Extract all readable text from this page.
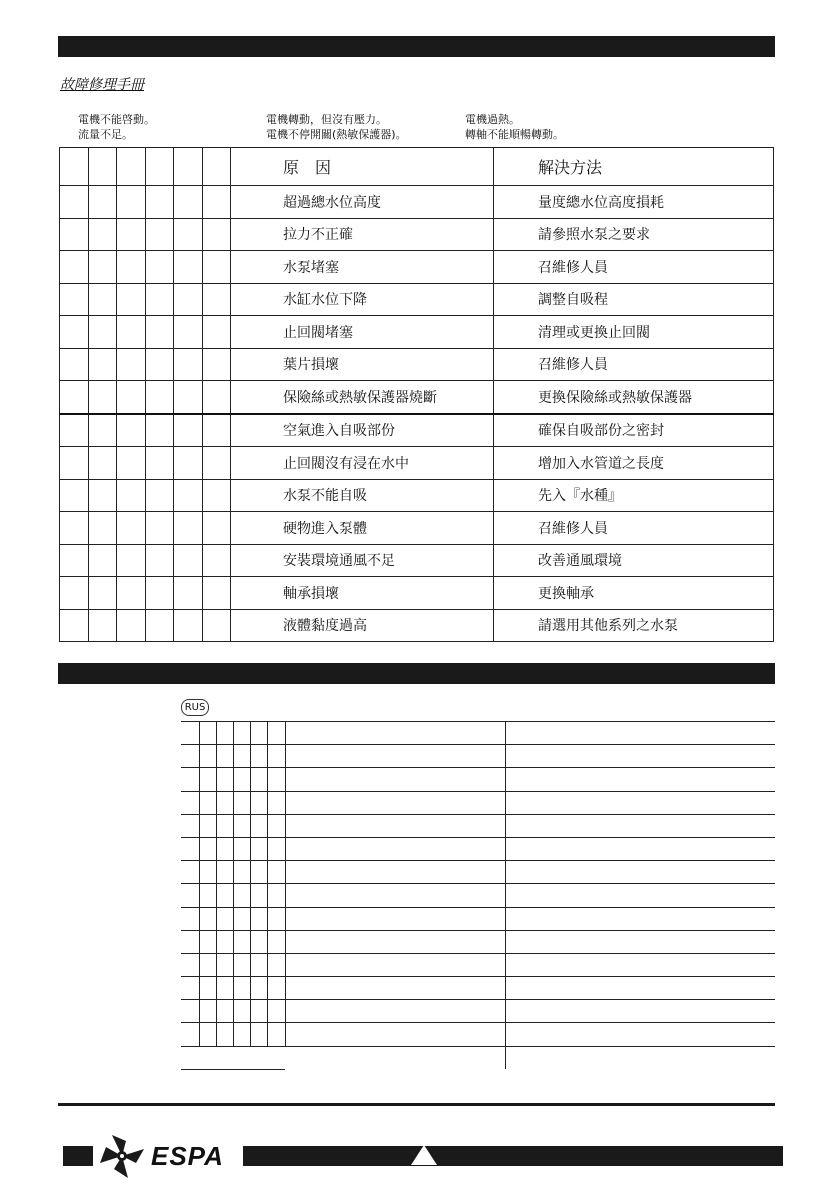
故障修理手冊
電機不能啓動。
流量不足。
電機轉動，但沒有壓力。
電機不停開關(熱敏保護器)。
電機過熱。
轉軸不能順暢轉動。
						原　因	解決方法
						超過總水位高度	量度總水位高度損耗
						拉力不正確	請參照水泵之要求
						水泵堵塞	召維修人員
						水缸水位下降	調整自吸程
						止回閥堵塞	清理或更換止回閥
						葉片損壞	召維修人員
						保險絲或熱敏保護器燒斷	更換保險絲或熱敏保護器
						空氣進入自吸部份	確保自吸部份之密封
						止回閥沒有浸在水中	增加入水管道之長度
						水泵不能自吸	先入『水種』
						硬物進入泵體	召維修人員
						安裝環境通風不足	改善通風環境
						軸承損壞	更換軸承
						液體黏度過高	請選用其他系列之水泵
RUS

ESPA
